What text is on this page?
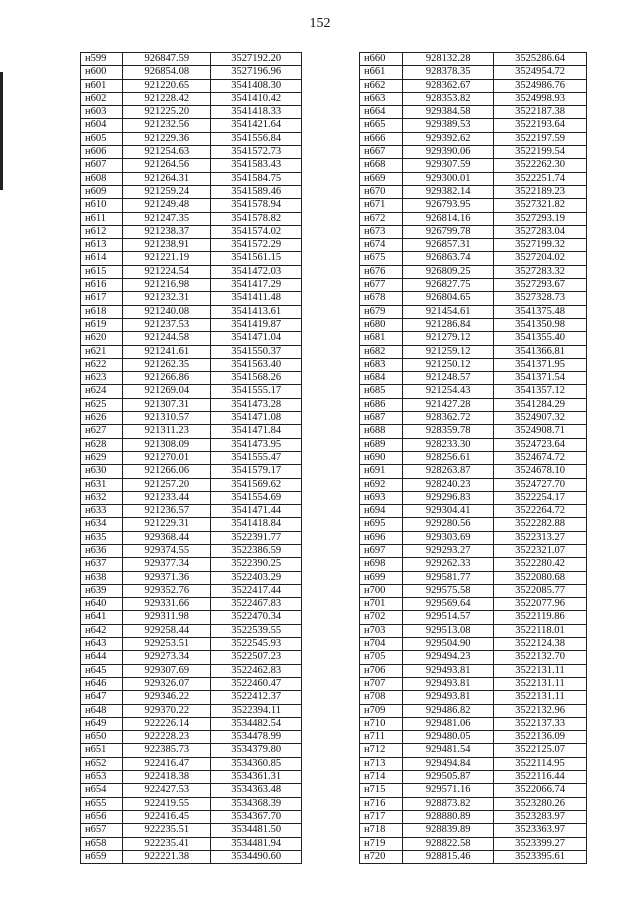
152
н599	926847.59	3527192.20
н600	926854.08	3527196.96
н601	921220.65	3541408.30
н602	921228.42	3541410.42
н603	921225.20	3541418.33
н604	921232.56	3541421.64
н605	921229.36	3541556.84
н606	921254.63	3541572.73
н607	921264.56	3541583.43
н608	921264.31	3541584.75
н609	921259.24	3541589.46
н610	921249.48	3541578.94
н611	921247.35	3541578.82
н612	921238.37	3541574.02
н613	921238.91	3541572.29
н614	921221.19	3541561.15
н615	921224.54	3541472.03
н616	921216.98	3541417.29
н617	921232.31	3541411.48
н618	921240.08	3541413.61
н619	921237.53	3541419.87
н620	921244.58	3541471.04
н621	921241.61	3541550.37
н622	921262.35	3541563.40
н623	921266.86	3541568.26
н624	921269.04	3541555.17
н625	921307.31	3541473.28
н626	921310.57	3541471.08
н627	921311.23	3541471.84
н628	921308.09	3541473.95
н629	921270.01	3541555.47
н630	921266.06	3541579.17
н631	921257.20	3541569.62
н632	921233.44	3541554.69
н633	921236.57	3541471.44
н634	921229.31	3541418.84
н635	929368.44	3522391.77
н636	929374.55	3522386.59
н637	929377.34	3522390.25
н638	929371.36	3522403.29
н639	929352.76	3522417.44
н640	929331.66	3522467.83
н641	929311.98	3522470.34
н642	929258.44	3522539.55
н643	929253.51	3522545.93
н644	929273.34	3522507.23
н645	929307.69	3522462.83
н646	929326.07	3522460.47
н647	929346.22	3522412.37
н648	929370.22	3522394.11
н649	922226.14	3534482.54
н650	922228.23	3534478.99
н651	922385.73	3534379.80
н652	922416.47	3534360.85
н653	922418.38	3534361.31
н654	922427.53	3534363.48
н655	922419.55	3534368.39
н656	922416.45	3534367.70
н657	922235.51	3534481.50
н658	922235.41	3534481.94
н659	922221.38	3534490.60
н660	928132.28	3525286.64
н661	928378.35	3524954.72
н662	928362.67	3524986.76
н663	928353.82	3524998.93
н664	929384.58	3522187.38
н665	929389.53	3522193.64
н666	929392.62	3522197.59
н667	929390.06	3522199.54
н668	929307.59	3522262.30
н669	929300.01	3522251.74
н670	929382.14	3522189.23
н671	926793.95	3527321.82
н672	926814.16	3527293.19
н673	926799.78	3527283.04
н674	926857.31	3527199.32
н675	926863.74	3527204.02
н676	926809.25	3527283.32
н677	926827.75	3527293.67
н678	926804.65	3527328.73
н679	921454.61	3541375.48
н680	921286.84	3541350.98
н681	921279.12	3541355.40
н682	921259.12	3541366.81
н683	921250.12	3541371.95
н684	921248.57	3541371.54
н685	921254.43	3541357.12
н686	921427.28	3541284.29
н687	928362.72	3524907.32
н688	928359.78	3524908.71
н689	928233.30	3524723.64
н690	928256.61	3524674.72
н691	928263.87	3524678.10
н692	928240.23	3524727.70
н693	929296.83	3522254.17
н694	929304.41	3522264.72
н695	929280.56	3522282.88
н696	929303.69	3522313.27
н697	929293.27	3522321.07
н698	929262.33	3522280.42
н699	929581.77	3522080.68
н700	929575.58	3522085.77
н701	929569.64	3522077.96
н702	929514.57	3522119.86
н703	929513.08	3522118.01
н704	929504.90	3522124.38
н705	929494.23	3522132.70
н706	929493.81	3522131.11
н707	929493.81	3522131.11
н708	929493.81	3522131.11
н709	929486.82	3522132.96
н710	929481.06	3522137.33
н711	929480.05	3522136.09
н712	929481.54	3522125.07
н713	929494.84	3522114.95
н714	929505.87	3522116.44
н715	929571.16	3522066.74
н716	928873.82	3523280.26
н717	928880.89	3523283.97
н718	928839.89	3523363.97
н719	928822.58	3523399.27
н720	928815.46	3523395.61
